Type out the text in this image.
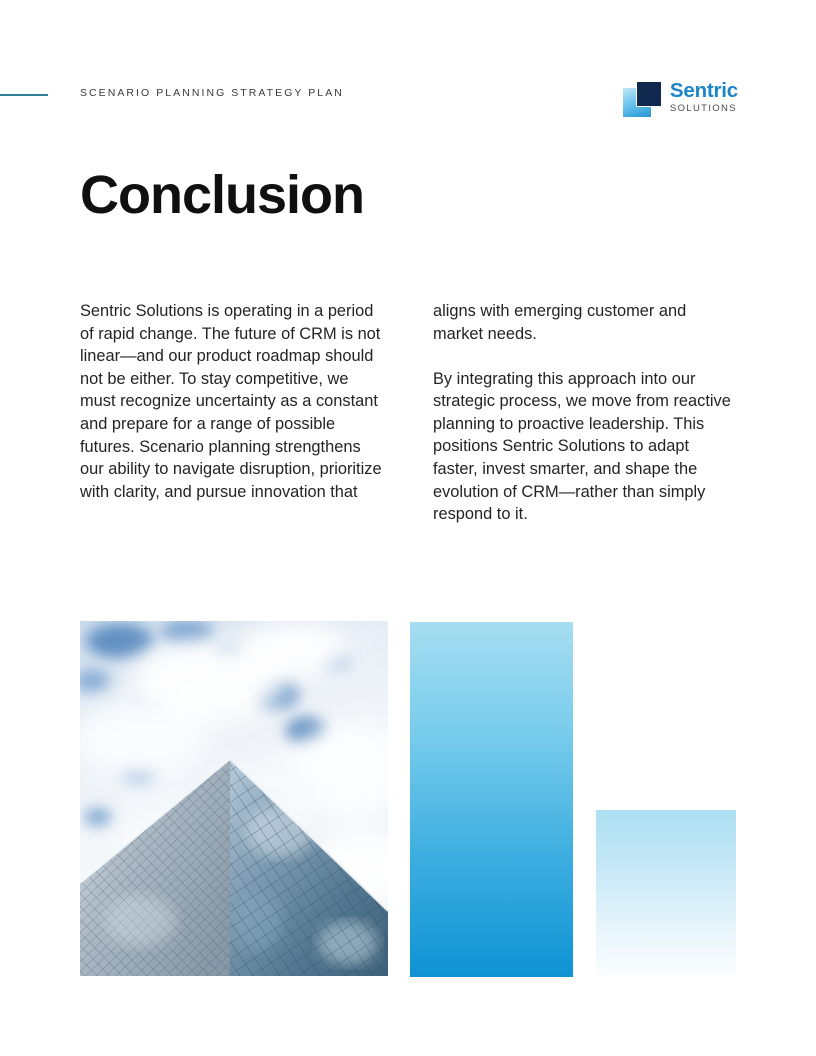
SCENARIO PLANNING STRATEGY PLAN	Sentric
SOLUTIONS
Conclusion

Sentric Solutions is operating in a period of rapid change. The future of CRM is not linear—and our product roadmap should not be either. To stay competitive, we must recognize uncertainty as a constant and prepare for a range of possible futures. Scenario planning strengthens our ability to navigate disruption, prioritize with clarity, and pursue innovation that

aligns with emerging customer and market needs.

By integrating this approach into our strategic process, we move from reactive planning to proactive leadership. This positions Sentric Solutions to adapt faster, invest smarter, and shape the evolution of CRM—rather than simply respond to it.
